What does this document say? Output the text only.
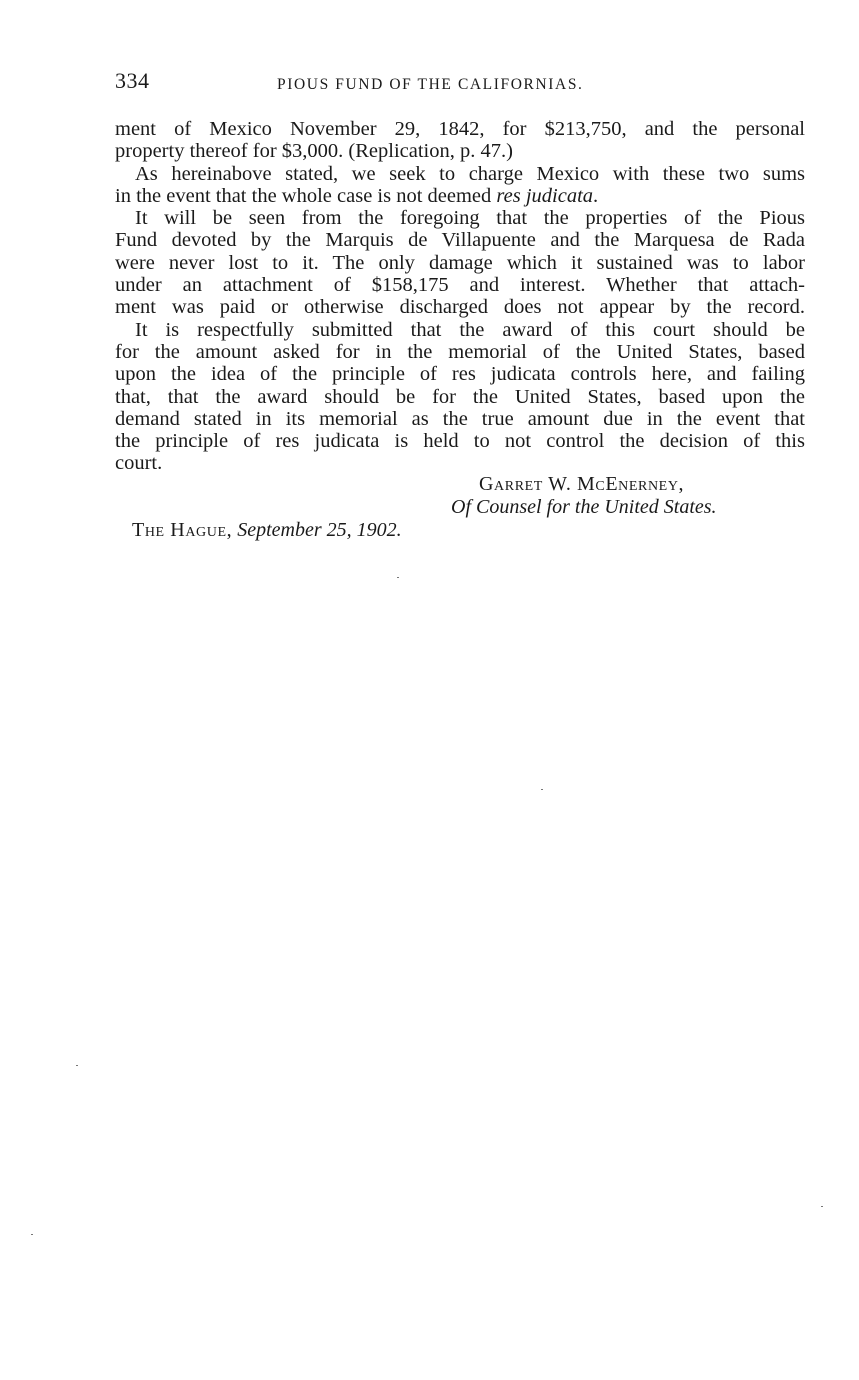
334	PIOUS FUND OF THE CALIFORNIAS.

ment of Mexico November 29, 1842, for $213,750, and the personal
property thereof for $3,000. (Replication, p. 47.)

As hereinabove stated, we seek to charge Mexico with these two sums
in the event that the whole case is not deemed res judicata.

It will be seen from the foregoing that the properties of the Pious
Fund devoted by the Marquis de Villapuente and the Marquesa de Rada
were never lost to it. The only damage which it sustained was to labor
under an attachment of $158,175 and interest. Whether that attach-
ment was paid or otherwise discharged does not appear by the record.

It is respectfully submitted that the award of this court should be
for the amount asked for in the memorial of the United States, based
upon the idea of the principle of res judicata controls here, and failing
that, that the award should be for the United States, based upon the
demand stated in its memorial as the true amount due in the event that
the principle of res judicata is held to not control the decision of this
court.

Garret W. McEnerney,
Of Counsel for the United States.
The Hague, September 25, 1902.
